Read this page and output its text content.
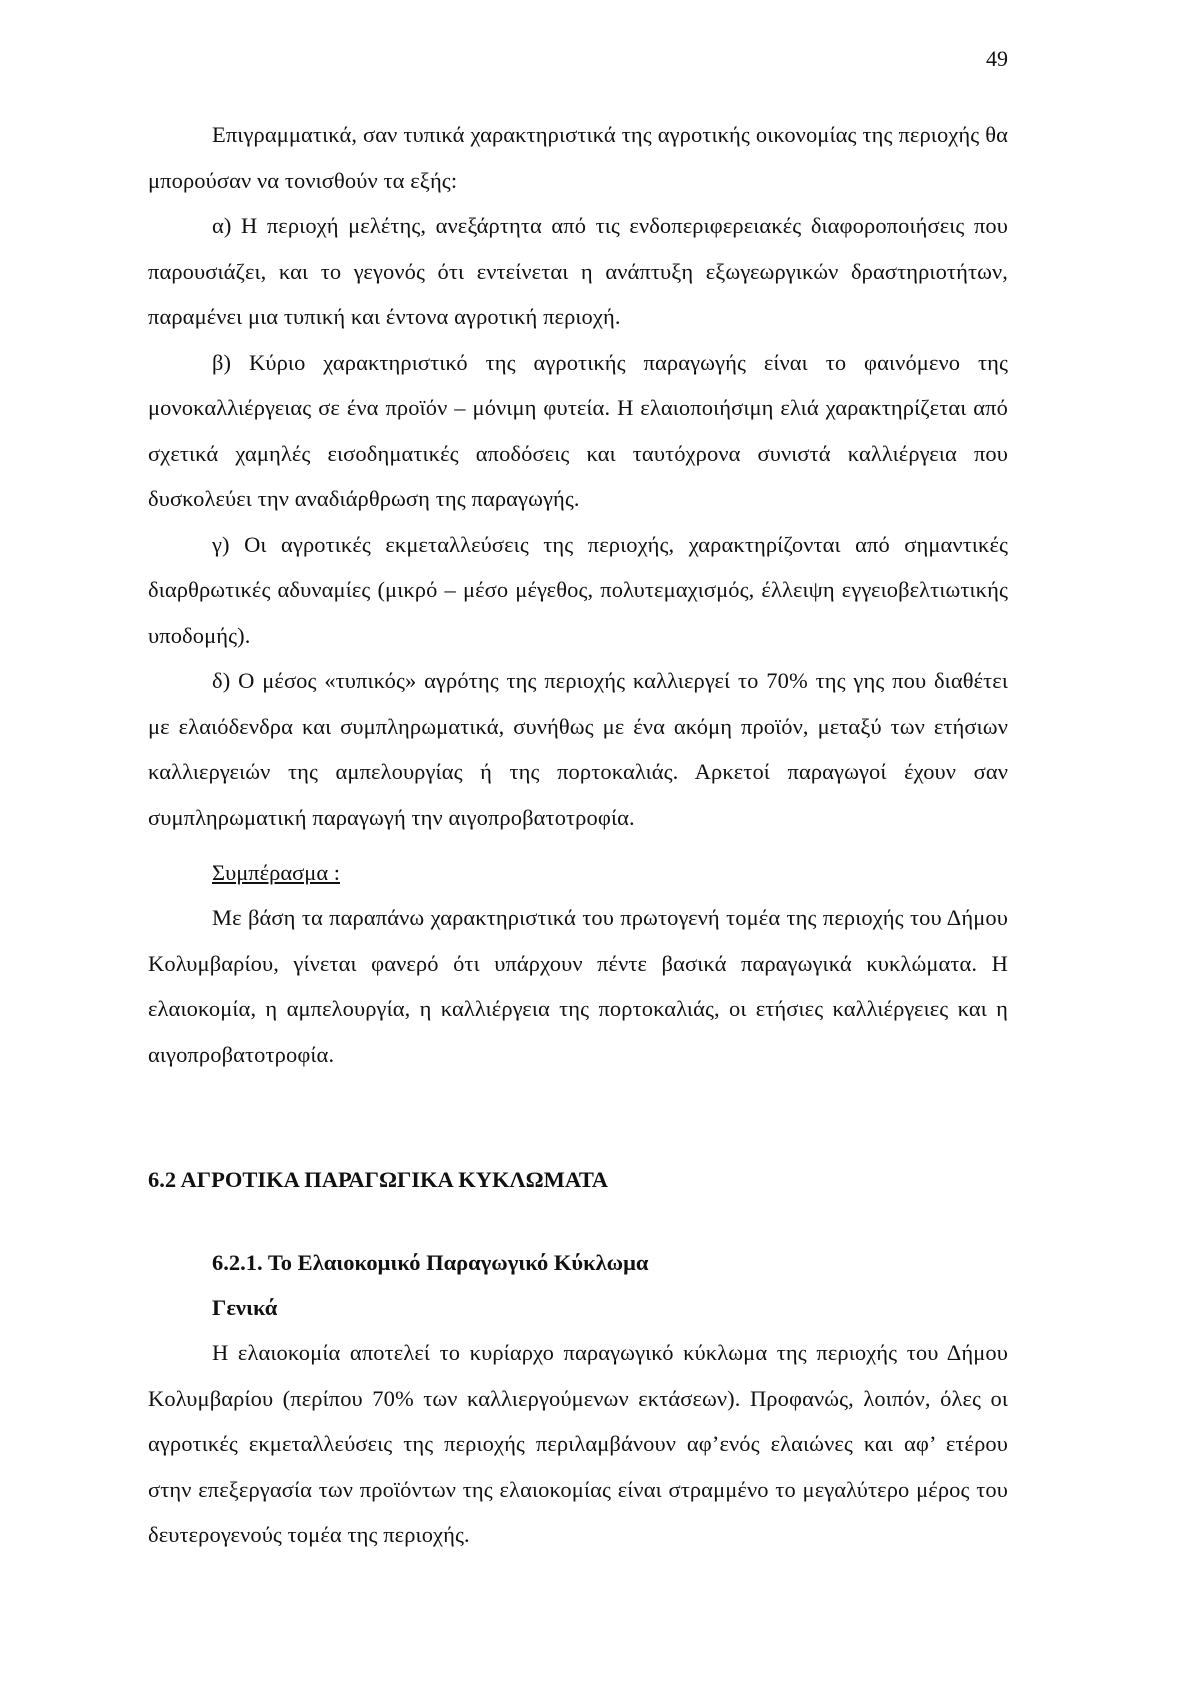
49

Επιγραμματικά, σαν τυπικά χαρακτηριστικά της αγροτικής οικονομίας της περιοχής θα μπορούσαν να τονισθούν τα εξής:

α) Η περιοχή μελέτης, ανεξάρτητα από τις ενδοπεριφερειακές διαφοροποιήσεις που παρουσιάζει, και το γεγονός ότι εντείνεται η ανάπτυξη εξωγεωργικών δραστηριοτήτων, παραμένει μια τυπική και έντονα αγροτική περιοχή.

β) Κύριο χαρακτηριστικό της αγροτικής παραγωγής είναι το φαινόμενο της μονοκαλλιέργειας σε ένα προϊόν – μόνιμη φυτεία. Η ελαιοποιήσιμη ελιά χαρακτηρίζεται από σχετικά χαμηλές εισοδηματικές αποδόσεις και ταυτόχρονα συνιστά καλλιέργεια που δυσκολεύει την αναδιάρθρωση της παραγωγής.

γ) Οι αγροτικές εκμεταλλεύσεις της περιοχής, χαρακτηρίζονται από σημαντικές διαρθρωτικές αδυναμίες (μικρό – μέσο μέγεθος, πολυτεμαχισμός, έλλειψη εγγειοβελτιωτικής υποδομής).

δ) Ο μέσος «τυπικός» αγρότης της περιοχής καλλιεργεί το 70% της γης που διαθέτει με ελαιόδενδρα και συμπληρωματικά, συνήθως με ένα ακόμη προϊόν, μεταξύ των ετήσιων καλλιεργειών της αμπελουργίας ή της πορτοκαλιάς. Αρκετοί παραγωγοί έχουν σαν συμπληρωματική παραγωγή την αιγοπροβατοτροφία.

Συμπέρασμα :

Με βάση τα παραπάνω χαρακτηριστικά του πρωτογενή τομέα της περιοχής του Δήμου Κολυμβαρίου, γίνεται φανερό ότι υπάρχουν πέντε βασικά παραγωγικά κυκλώματα. Η ελαιοκομία, η αμπελουργία, η καλλιέργεια της πορτοκαλιάς, οι ετήσιες καλλιέργειες και η αιγοπροβατοτροφία.

6.2 ΑΓΡΟΤΙΚΑ ΠΑΡΑΓΩΓΙΚΑ ΚΥΚΛΩΜΑΤΑ

6.2.1. Το Ελαιοκομικό Παραγωγικό Κύκλωμα

Γενικά

Η ελαιοκομία αποτελεί το κυρίαρχο παραγωγικό κύκλωμα της περιοχής του Δήμου Κολυμβαρίου (περίπου 70% των καλλιεργούμενων εκτάσεων). Προφανώς, λοιπόν, όλες οι αγροτικές εκμεταλλεύσεις της περιοχής περιλαμβάνουν αφ’ενός ελαιώνες και αφ’ ετέρου στην επεξεργασία των προϊόντων της ελαιοκομίας είναι στραμμένο το μεγαλύτερο μέρος του δευτερογενούς τομέα της περιοχής.
